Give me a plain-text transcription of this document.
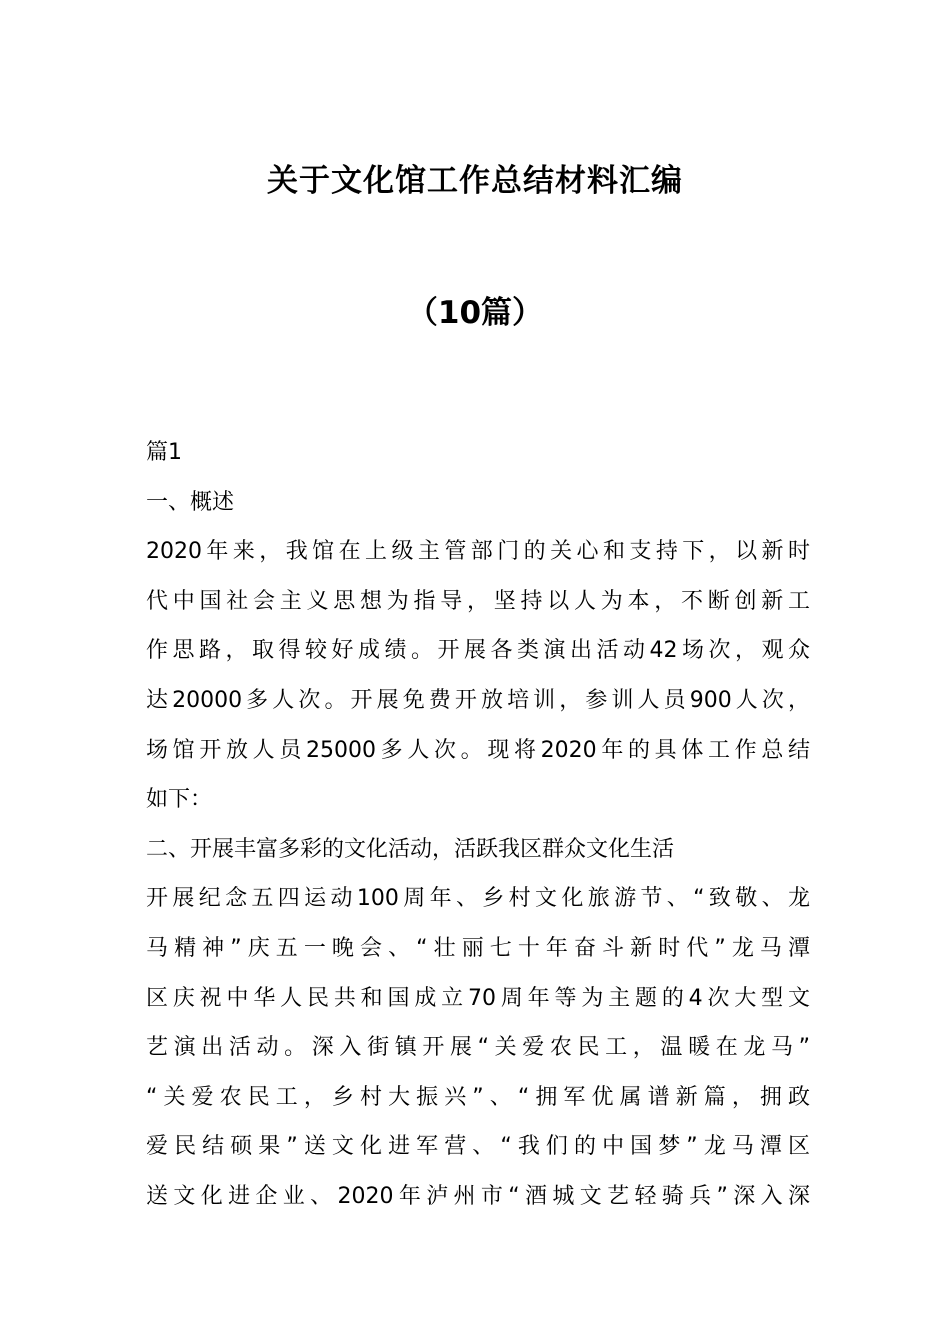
关于文化馆工作总结材料汇编
（10篇）
篇1
一、概述
2020年来，我馆在上级主管部门的关心和支持下，以新时
代中国社会主义思想为指导，坚持以人为本，不断创新工
作思路，取得较好成绩。开展各类演出活动42场次，观众
达20000多人次。开展免费开放培训，参训人员900人次，
场馆开放人员25000多人次。现将2020年的具体工作总结
如下：
二、开展丰富多彩的文化活动，活跃我区群众文化生活
开展纪念五四运动100周年、乡村文化旅游节、“致敬、龙
马精神”庆五一晚会、“壮丽七十年奋斗新时代”龙马潭
区庆祝中华人民共和国成立70周年等为主题的4次大型文
艺演出活动。深入街镇开展“关爱农民工，温暖在龙马”
“关爱农民工，乡村大振兴”、“拥军优属谱新篇，拥政
爱民结硕果”送文化进军营、“我们的中国梦”龙马潭区
送文化进企业、2020年泸州市“酒城文艺轻骑兵”深入深
